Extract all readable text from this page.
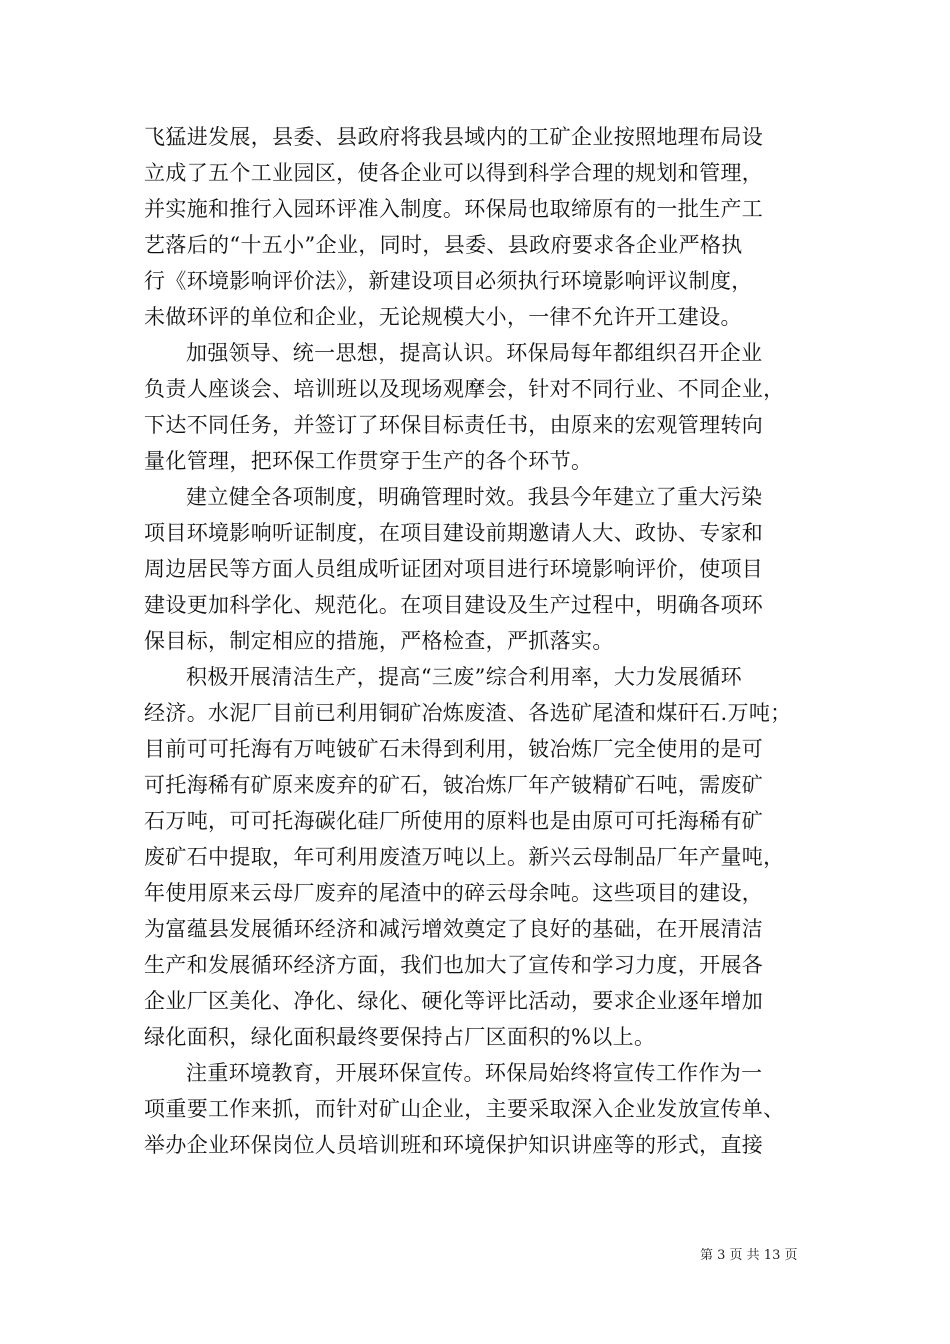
飞猛进发展，县委、县政府将我县域内的工矿企业按照地理布局设
立成了五个工业园区，使各企业可以得到科学合理的规划和管理，
并实施和推行入园环评准入制度。环保局也取缔原有的一批生产工
艺落后的“十五小”企业，同时，县委、县政府要求各企业严格执
行《环境影响评价法》，新建设项目必须执行环境影响评议制度，
未做环评的单位和企业，无论规模大小，一律不允许开工建设。
加强领导、统一思想，提高认识。环保局每年都组织召开企业
负责人座谈会、培训班以及现场观摩会，针对不同行业、不同企业，
下达不同任务，并签订了环保目标责任书，由原来的宏观管理转向
量化管理，把环保工作贯穿于生产的各个环节。
建立健全各项制度，明确管理时效。我县今年建立了重大污染
项目环境影响听证制度，在项目建设前期邀请人大、政协、专家和
周边居民等方面人员组成听证团对项目进行环境影响评价，使项目
建设更加科学化、规范化。在项目建设及生产过程中，明确各项环
保目标，制定相应的措施，严格检查，严抓落实。
积极开展清洁生产，提高“三废”综合利用率，大力发展循环
经济。水泥厂目前已利用铜矿冶炼废渣、各选矿尾渣和煤矸石.万吨；
目前可可托海有万吨铍矿石未得到利用，铍冶炼厂完全使用的是可
可托海稀有矿原来废弃的矿石，铍冶炼厂年产铍精矿石吨，需废矿
石万吨，可可托海碳化硅厂所使用的原料也是由原可可托海稀有矿
废矿石中提取，年可利用废渣万吨以上。新兴云母制品厂年产量吨，
年使用原来云母厂废弃的尾渣中的碎云母余吨。这些项目的建设，
为富蕴县发展循环经济和减污增效奠定了良好的基础，在开展清洁
生产和发展循环经济方面，我们也加大了宣传和学习力度，开展各
企业厂区美化、净化、绿化、硬化等评比活动，要求企业逐年增加
绿化面积，绿化面积最终要保持占厂区面积的%以上。
注重环境教育，开展环保宣传。环保局始终将宣传工作作为一
项重要工作来抓，而针对矿山企业，主要采取深入企业发放宣传单、
举办企业环保岗位人员培训班和环境保护知识讲座等的形式，直接
第 3 页 共 13 页
